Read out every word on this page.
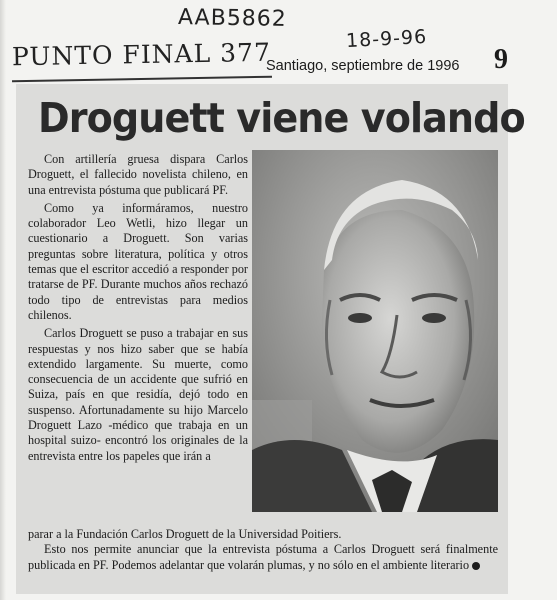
AAB5862
18-9-96
PUNTO FINAL 377
Santiago, septiembre de 1996 9
Droguett viene volando

Con artillería gruesa dispara Carlos Droguett, el fallecido novelista chileno, en una entrevista póstuma que publicará PF.

Como ya informáramos, nuestro colaborador Leo Wetli, hizo llegar un cuestionario a Droguett. Son varias preguntas sobre literatura, política y otros temas que el escritor accedió a responder por tratarse de PF. Durante muchos años rechazó todo tipo de entrevistas para medios chilenos.

Carlos Droguett se puso a trabajar en sus respuestas y nos hizo saber que se había extendido largamente. Su muerte, como consecuencia de un accidente que sufrió en Suiza, país en que residía, dejó todo en suspenso. Afortunadamente su hijo Marcelo Droguett Lazo -médico que trabaja en un hospital suizo- encontró los originales de la entrevista entre los papeles que irán a

parar a la Fundación Carlos Droguett de la Universidad Poitiers.

Esto nos permite anunciar que la entrevista póstuma a Carlos Droguett será finalmente publicada en PF. Podemos adelantar que volarán plumas, y no sólo en el ambiente literario
